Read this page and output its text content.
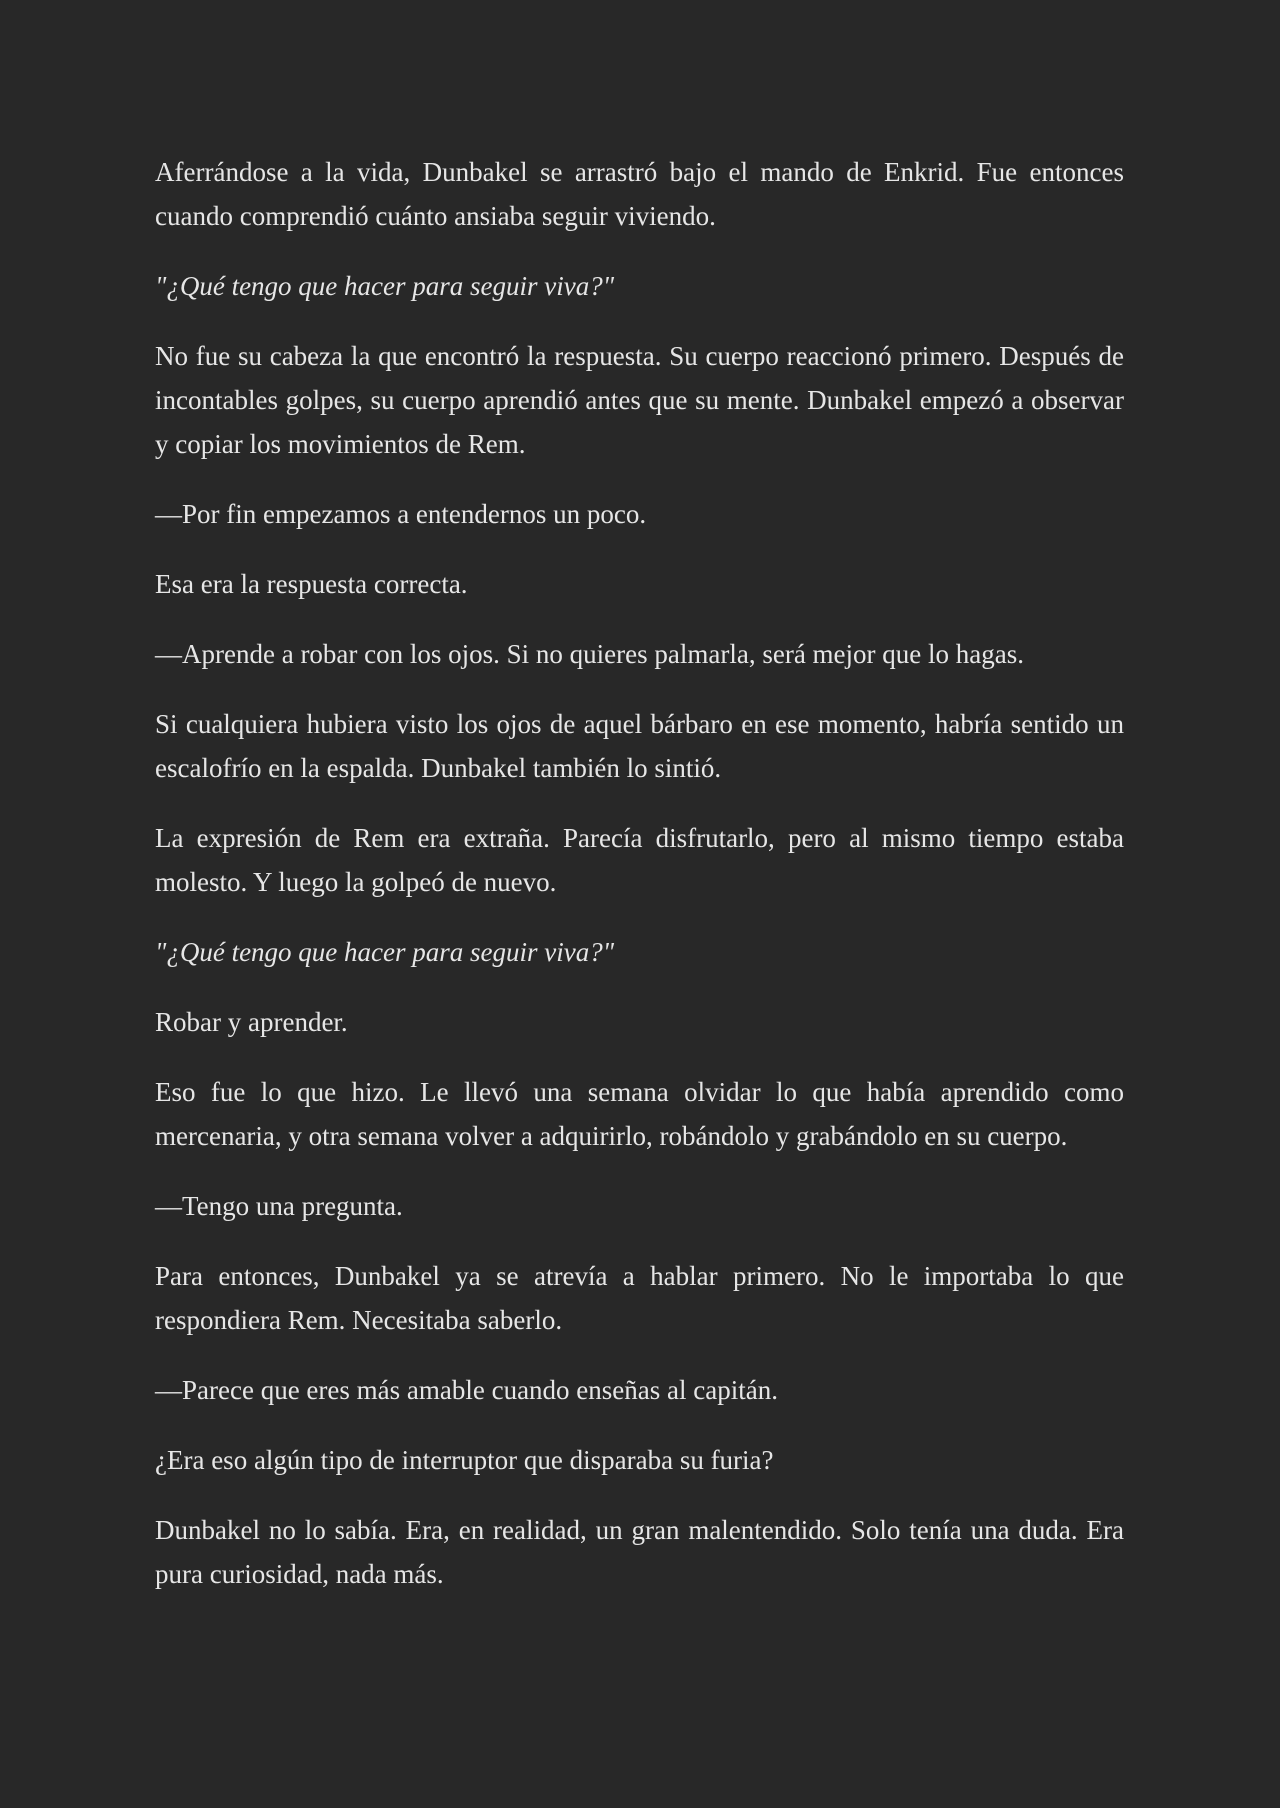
Aferrándose a la vida, Dunbakel se arrastró bajo el mando de Enkrid. Fue entonces cuando comprendió cuánto ansiaba seguir viviendo.

"¿Qué tengo que hacer para seguir viva?"

No fue su cabeza la que encontró la respuesta. Su cuerpo reaccionó primero. Después de incontables golpes, su cuerpo aprendió antes que su mente. Dunbakel empezó a observar y copiar los movimientos de Rem.

—Por fin empezamos a entendernos un poco.

Esa era la respuesta correcta.

—Aprende a robar con los ojos. Si no quieres palmarla, será mejor que lo hagas.

Si cualquiera hubiera visto los ojos de aquel bárbaro en ese momento, habría sentido un escalofrío en la espalda. Dunbakel también lo sintió.

La expresión de Rem era extraña. Parecía disfrutarlo, pero al mismo tiempo estaba molesto. Y luego la golpeó de nuevo.

"¿Qué tengo que hacer para seguir viva?"

Robar y aprender.

Eso fue lo que hizo. Le llevó una semana olvidar lo que había aprendido como mercenaria, y otra semana volver a adquirirlo, robándolo y grabándolo en su cuerpo.

—Tengo una pregunta.

Para entonces, Dunbakel ya se atrevía a hablar primero. No le importaba lo que respondiera Rem. Necesitaba saberlo.

—Parece que eres más amable cuando enseñas al capitán.

¿Era eso algún tipo de interruptor que disparaba su furia?

Dunbakel no lo sabía. Era, en realidad, un gran malentendido. Solo tenía una duda. Era pura curiosidad, nada más.
